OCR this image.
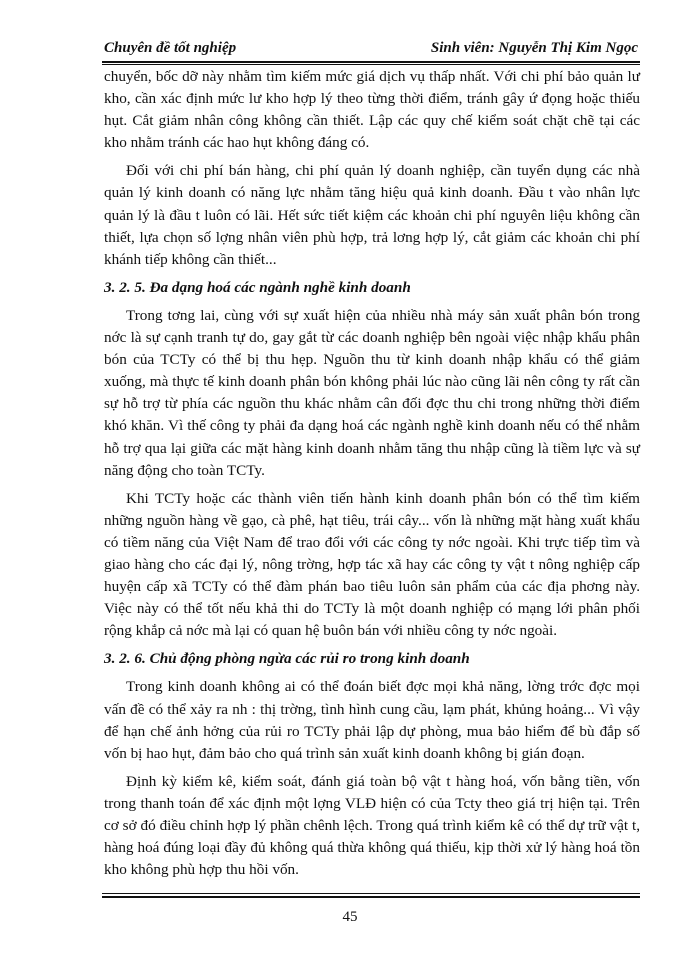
Chuyên đề tốt nghiệp	Sinh viên: Nguyễn Thị Kim Ngọc

chuyển, bốc dỡ này nhằm tìm kiếm mức giá dịch vụ thấp nhất. Với chi phí bảo quản lư kho, cần xác định mức lư kho hợp lý theo từng thời điểm, tránh gây ứ đọng hoặc thiếu hụt. Cắt giảm nhân công không cần thiết. Lập các quy chế kiểm soát chặt chẽ tại các kho nhằm tránh các hao hụt không đáng có.

Đối với chi phí bán hàng, chi phí quản lý doanh nghiệp, cần tuyển dụng các nhà quản lý kinh doanh có năng lực nhằm tăng hiệu quả kinh doanh. Đầu t vào nhân lực quản lý là đầu t luôn có lãi. Hết sức tiết kiệm các khoản chi phí nguyên liệu không cần thiết, lựa chọn số lợng nhân viên phù hợp, trả lơng hợp lý, cắt giảm các khoản chi phí khánh tiếp không cần thiết...

3. 2. 5. Đa dạng hoá các ngành nghề kinh doanh

Trong tơng lai, cùng với sự xuất hiện của nhiều nhà máy sản xuất phân bón trong nớc là sự cạnh tranh tự do, gay gắt từ các doanh nghiệp bên ngoài việc nhập khẩu phân bón của TCTy có thể bị thu hẹp. Nguồn thu từ kinh doanh nhập khẩu có thể giảm xuống, mà thực tế kinh doanh phân bón không phải lúc nào cũng lãi nên công ty rất cần sự hỗ trợ từ phía các nguồn thu khác nhằm cân đối đợc thu chi trong những thời điểm khó khăn. Vì thế công ty phải đa dạng hoá các ngành nghề kinh doanh nếu có thể nhằm hỗ trợ qua lại giữa các mặt hàng kinh doanh nhằm tăng thu nhập cũng là tiềm lực và sự năng động cho toàn TCTy.

Khi TCTy hoặc các thành viên tiến hành kinh doanh phân bón có thể tìm kiếm những nguồn hàng về gạo, cà phê, hạt tiêu, trái cây... vốn là những mặt hàng xuất khẩu có tiềm năng của Việt Nam để trao đổi với các công ty nớc ngoài. Khi trực tiếp tìm và giao hàng cho các đại lý, nông trờng, hợp tác xã hay các công ty vật t nông nghiệp cấp huyện cấp xã TCTy có thể đàm phán bao tiêu luôn sản phẩm của các địa phơng này. Việc này có thể tốt nếu khả thi do TCTy là một doanh nghiệp có mạng lới phân phối rộng khắp cả nớc mà lại có quan hệ buôn bán với nhiều công ty nớc ngoài.

3. 2. 6. Chủ động phòng ngừa các rủi ro trong kinh doanh

Trong kinh doanh không ai có thể đoán biết đợc mọi khả năng, lờng trớc đợc mọi vấn đề có thể xảy ra nh : thị trờng, tình hình cung cầu, lạm phát, khủng hoảng... Vì vậy để hạn chế ảnh hởng của rủi ro TCTy phải lập dự phòng, mua bảo hiểm để bù đắp số vốn bị hao hụt, đảm bảo cho quá trình sản xuất kinh doanh không bị gián đoạn.

Định kỳ kiểm kê, kiểm soát, đánh giá toàn bộ vật t hàng hoá, vốn bằng tiền, vốn trong thanh toán để xác định một lợng VLĐ hiện có của Tcty theo giá trị hiện tại. Trên cơ sở đó điều chỉnh hợp lý phần chênh lệch. Trong quá trình kiểm kê có thể dự trữ vật t, hàng hoá đúng loại đầy đủ không quá thừa không quá thiếu, kịp thời xử lý hàng hoá tồn kho không phù hợp thu hồi vốn.

45
